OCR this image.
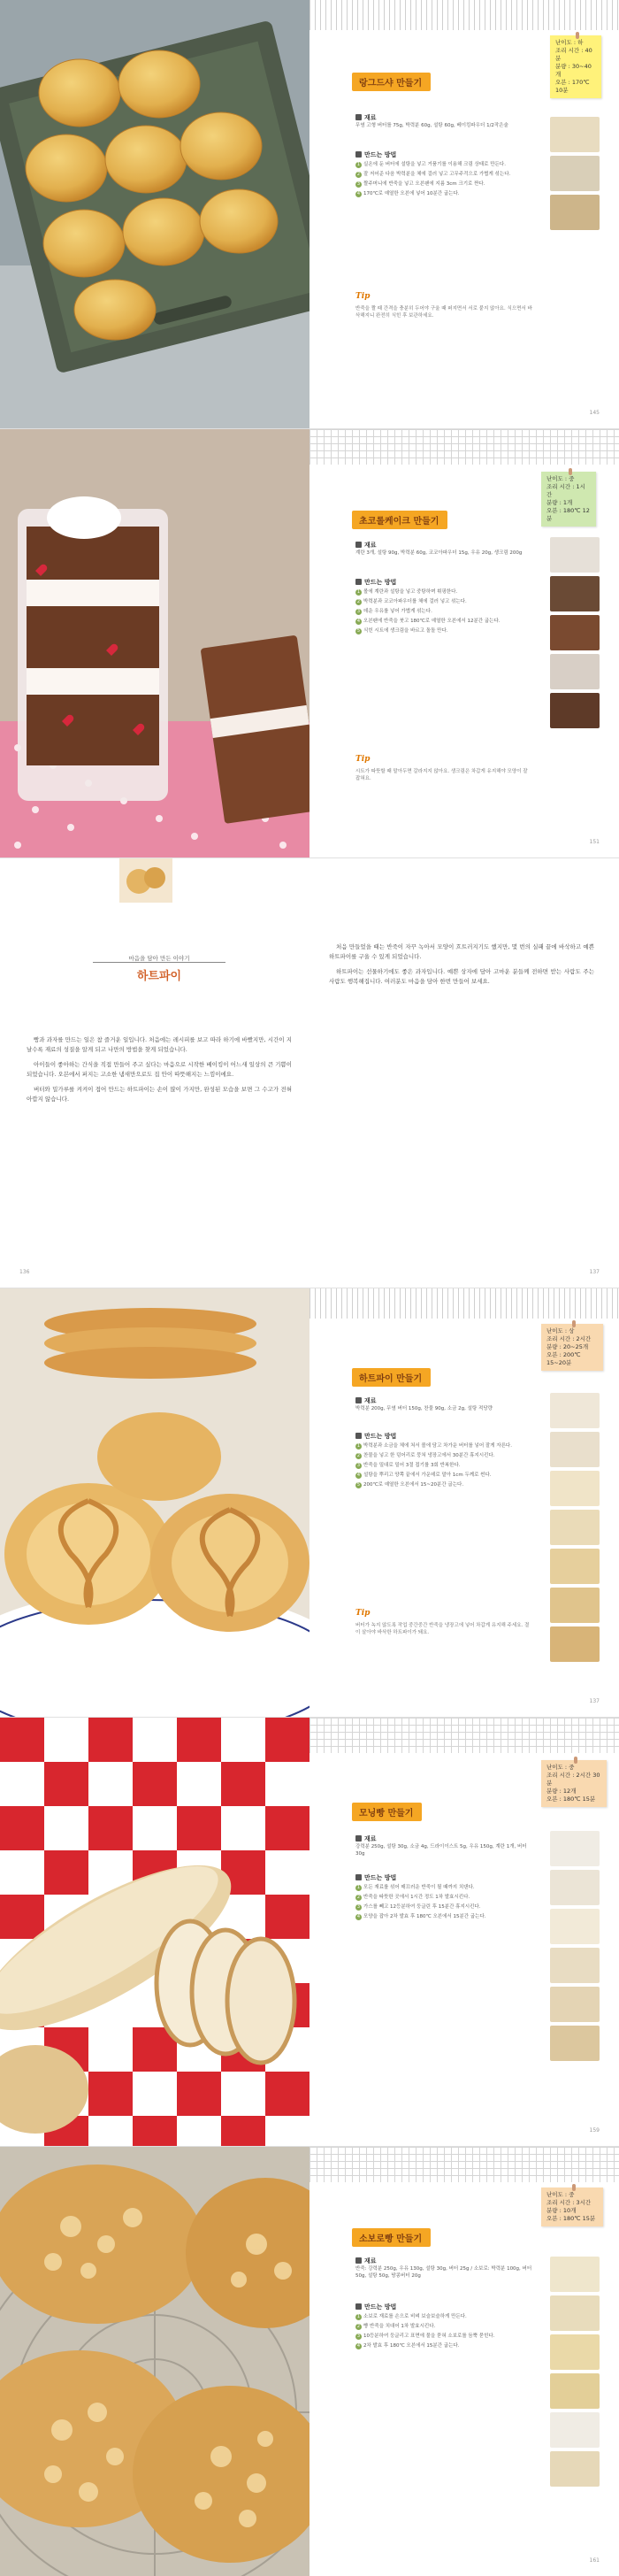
난이도 : 하
조리 시간 : 40분
분량 : 30~40개
오븐 : 170℃ 10분
랑그드샤 만들기
재료
무염 고형 버터를 75g, 박력분 60g, 설탕 60g, 베이킹파우더 1/2작은술
만드는 방법
1 실온에 둔 버터에 설탕을 넣고 거품기를 이용해 크림 상태로 만든다.
2 잘 저어준 다음 박력분을 체에 걸러 넣고 고무주걱으로 가볍게 섞는다.
3 짤주머니에 반죽을 넣고 오븐팬에 지름 3cm 크기로 짠다.
4 170℃로 예열한 오븐에 넣어 10분간 굽는다.
Tip
반죽을 짤 때 간격을 충분히 두어야 구울 때 퍼지면서 서로 붙지 않아요. 식으면서 바삭해지니 완전히 식힌 후 보관하세요.
145
난이도 : 중
조리 시간 : 1시간
분량 : 1개
오븐 : 180℃ 12분
초코롤케이크 만들기
재료
계란 3개, 설탕 90g, 박력분 60g, 코코아파우더 15g, 우유 20g, 생크림 200g
만드는 방법
1 볼에 계란과 설탕을 넣고 중탕하며 휘핑한다.
2 박력분과 코코아파우더를 체에 걸러 넣고 섞는다.
3 데운 우유를 넣어 가볍게 섞는다.
4 오븐팬에 반죽을 붓고 180℃로 예열한 오븐에서 12분간 굽는다.
5 식힌 시트에 생크림을 바르고 돌돌 만다.
Tip
시트가 따뜻할 때 말아두면 갈라지지 않아요. 생크림은 차갑게 유지해야 모양이 잘 잡혀요.
151
마음을 담아 만든 이야기
하트파이

빵과 과자를 만드는 일은 참 즐거운 일입니다. 처음에는 레시피를 보고 따라 하기에 바빴지만, 시간이 지날수록 재료의 성질을 알게 되고 나만의 방법을 찾게 되었습니다.

아이들이 좋아하는 간식을 직접 만들어 주고 싶다는 마음으로 시작한 베이킹이 어느새 일상의 큰 기쁨이 되었습니다. 오븐에서 퍼지는 고소한 냄새만으로도 집 안이 따뜻해지는 느낌이에요.

버터와 밀가루를 켜켜이 접어 만드는 하트파이는 손이 많이 가지만, 완성된 모습을 보면 그 수고가 전혀 아깝지 않습니다.

136

처음 만들었을 때는 반죽이 자꾸 녹아서 모양이 흐트러지기도 했지만, 몇 번의 실패 끝에 바삭하고 예쁜 하트파이를 구울 수 있게 되었습니다.

하트파이는 선물하기에도 좋은 과자입니다. 예쁜 상자에 담아 고마운 분들께 전하면 받는 사람도 주는 사람도 행복해집니다. 여러분도 마음을 담아 한번 만들어 보세요.

137
난이도 : 상
조리 시간 : 2시간
분량 : 20~25개
오븐 : 200℃ 15~20분
하트파이 만들기
재료
박력분 200g, 무염 버터 150g, 찬물 90g, 소금 2g, 설탕 적당량
만드는 방법
1 박력분과 소금을 체에 쳐서 볼에 담고 차가운 버터를 넣어 잘게 자른다.
2 찬물을 넣고 한 덩어리로 뭉쳐 냉장고에서 30분간 휴지시킨다.
3 반죽을 밀대로 밀어 3절 접기를 3회 반복한다.
4 설탕을 뿌리고 양쪽 끝에서 가운데로 말아 1cm 두께로 썬다.
5 200℃로 예열한 오븐에서 15~20분간 굽는다.
Tip
버터가 녹지 않도록 작업 중간중간 반죽을 냉장고에 넣어 차갑게 유지해 주세요. 결이 살아야 바삭한 하트파이가 돼요.
137
난이도 : 중
조리 시간 : 2시간 30분
분량 : 12개
오븐 : 180℃ 15분
모닝빵 만들기
재료
강력분 250g, 설탕 30g, 소금 4g, 드라이이스트 5g, 우유 150g, 계란 1개, 버터 30g
만드는 방법
1 모든 재료를 섞어 매끄러운 반죽이 될 때까지 치댄다.
2 반죽을 따뜻한 곳에서 1시간 정도 1차 발효시킨다.
3 가스를 빼고 12등분하여 둥글린 후 15분간 휴지시킨다.
4 모양을 잡아 2차 발효 후 180℃ 오븐에서 15분간 굽는다.
159
난이도 : 중
조리 시간 : 3시간
분량 : 10개
오븐 : 180℃ 15분
소보로빵 만들기
재료
반죽: 강력분 250g, 우유 130g, 설탕 30g, 버터 25g / 소보로: 박력분 100g, 버터 50g, 설탕 50g, 땅콩버터 20g
만드는 방법
1 소보로 재료를 손으로 비벼 보슬보슬하게 만든다.
2 빵 반죽을 치대어 1차 발효시킨다.
3 10등분하여 둥글리고 표면에 물을 묻혀 소보로를 듬뿍 묻힌다.
4 2차 발효 후 180℃ 오븐에서 15분간 굽는다.
161
